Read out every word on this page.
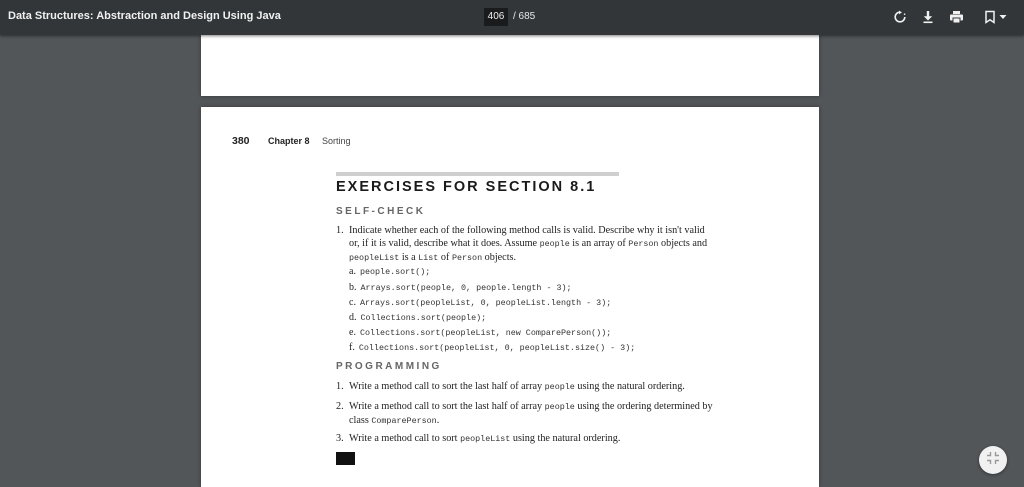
Data Structures: Abstraction and Design Using Java	406 / 685
380 Chapter 8 Sorting
EXERCISES FOR SECTION 8.1
SELF-CHECK
1. Indicate whether each of the following method calls is valid. Describe why it isn't valid
or, if it is valid, describe what it does. Assume people is an array of Person objects and
peopleList is a List of Person objects.
a. people.sort();
b. Arrays.sort(people, 0, people.length - 3);
c. Arrays.sort(peopleList, 0, peopleList.length - 3);
d. Collections.sort(people);
e. Collections.sort(peopleList, new ComparePerson());
f. Collections.sort(peopleList, 0, peopleList.size() - 3);
PROGRAMMING
1. Write a method call to sort the last half of array people using the natural ordering.
2. Write a method call to sort the last half of array people using the ordering determined by
class ComparePerson.
3. Write a method call to sort peopleList using the natural ordering.
